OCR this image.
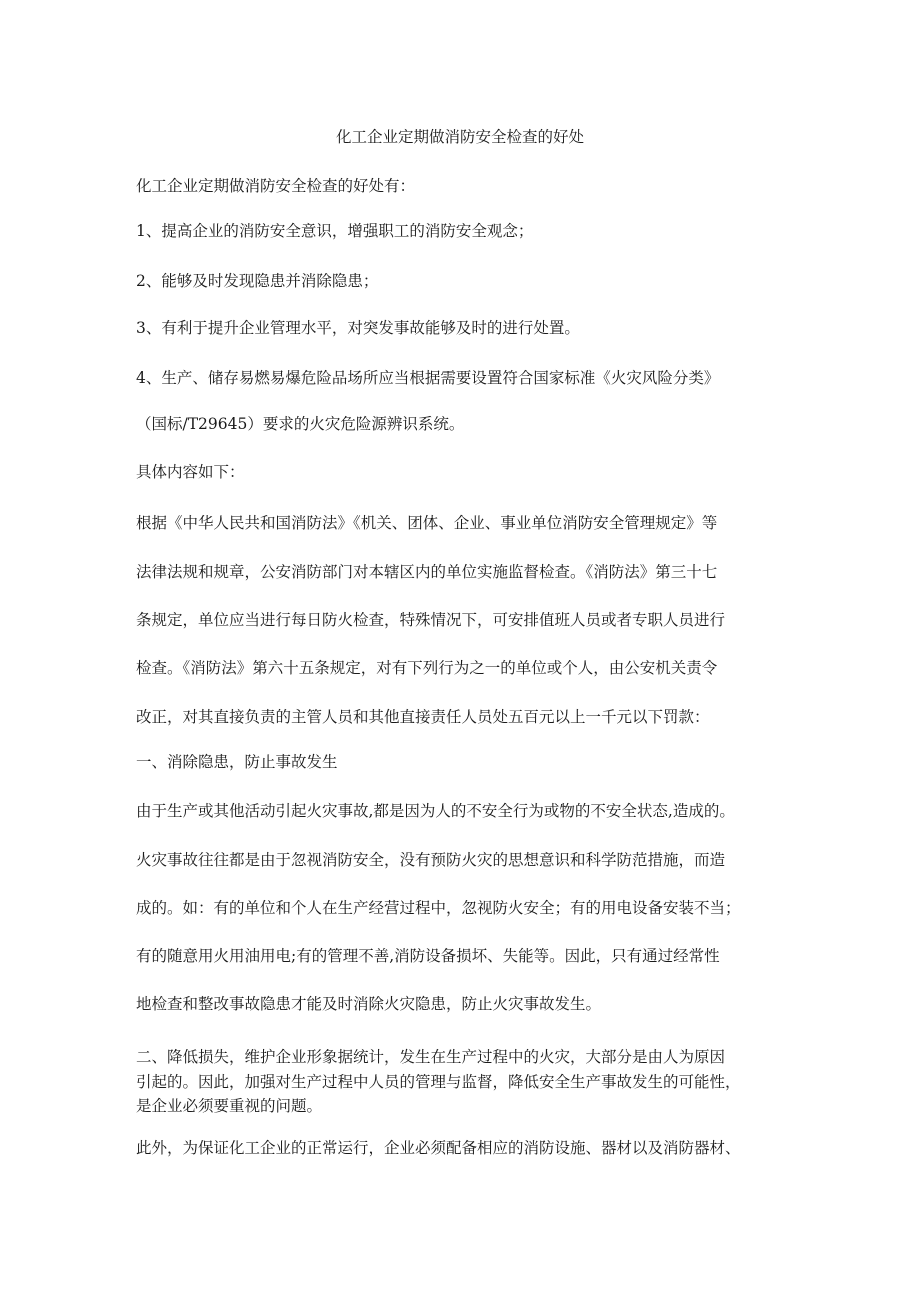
化工企业定期做消防安全检查的好处
化工企业定期做消防安全检查的好处有：
1、提高企业的消防安全意识，增强职工的消防安全观念；
2、能够及时发现隐患并消除隐患；
3、有利于提升企业管理水平，对突发事故能够及时的进行处置。
4、生产、储存易燃易爆危险品场所应当根据需要设置符合国家标准《火灾风险分类》
（国标/T29645）要求的火灾危险源辨识系统。
具体内容如下：
根据《中华人民共和国消防法》《机关、团体、企业、事业单位消防安全管理规定》等
法律法规和规章，公安消防部门对本辖区内的单位实施监督检查。《消防法》第三十七
条规定，单位应当进行每日防火检查，特殊情况下，可安排值班人员或者专职人员进行
检查。《消防法》第六十五条规定，对有下列行为之一的单位或个人，由公安机关责令
改正，对其直接负责的主管人员和其他直接责任人员处五百元以上一千元以下罚款：
一、消除隐患，防止事故发生
由于生产或其他活动引起火灾事故,都是因为人的不安全行为或物的不安全状态,造成的。
火灾事故往往都是由于忽视消防安全，没有预防火灾的思想意识和科学防范措施，而造
成的。如：有的单位和个人在生产经营过程中，忽视防火安全；有的用电设备安装不当；
有的随意用火用油用电;有的管理不善,消防设备损坏、失能等。因此，只有通过经常性
地检查和整改事故隐患才能及时消除火灾隐患，防止火灾事故发生。
二、降低损失，维护企业形象据统计，发生在生产过程中的火灾，大部分是由人为原因
引起的。因此，加强对生产过程中人员的管理与监督，降低安全生产事故发生的可能性，
是企业必须要重视的问题。
此外，为保证化工企业的正常运行，企业必须配备相应的消防设施、器材以及消防器材、
